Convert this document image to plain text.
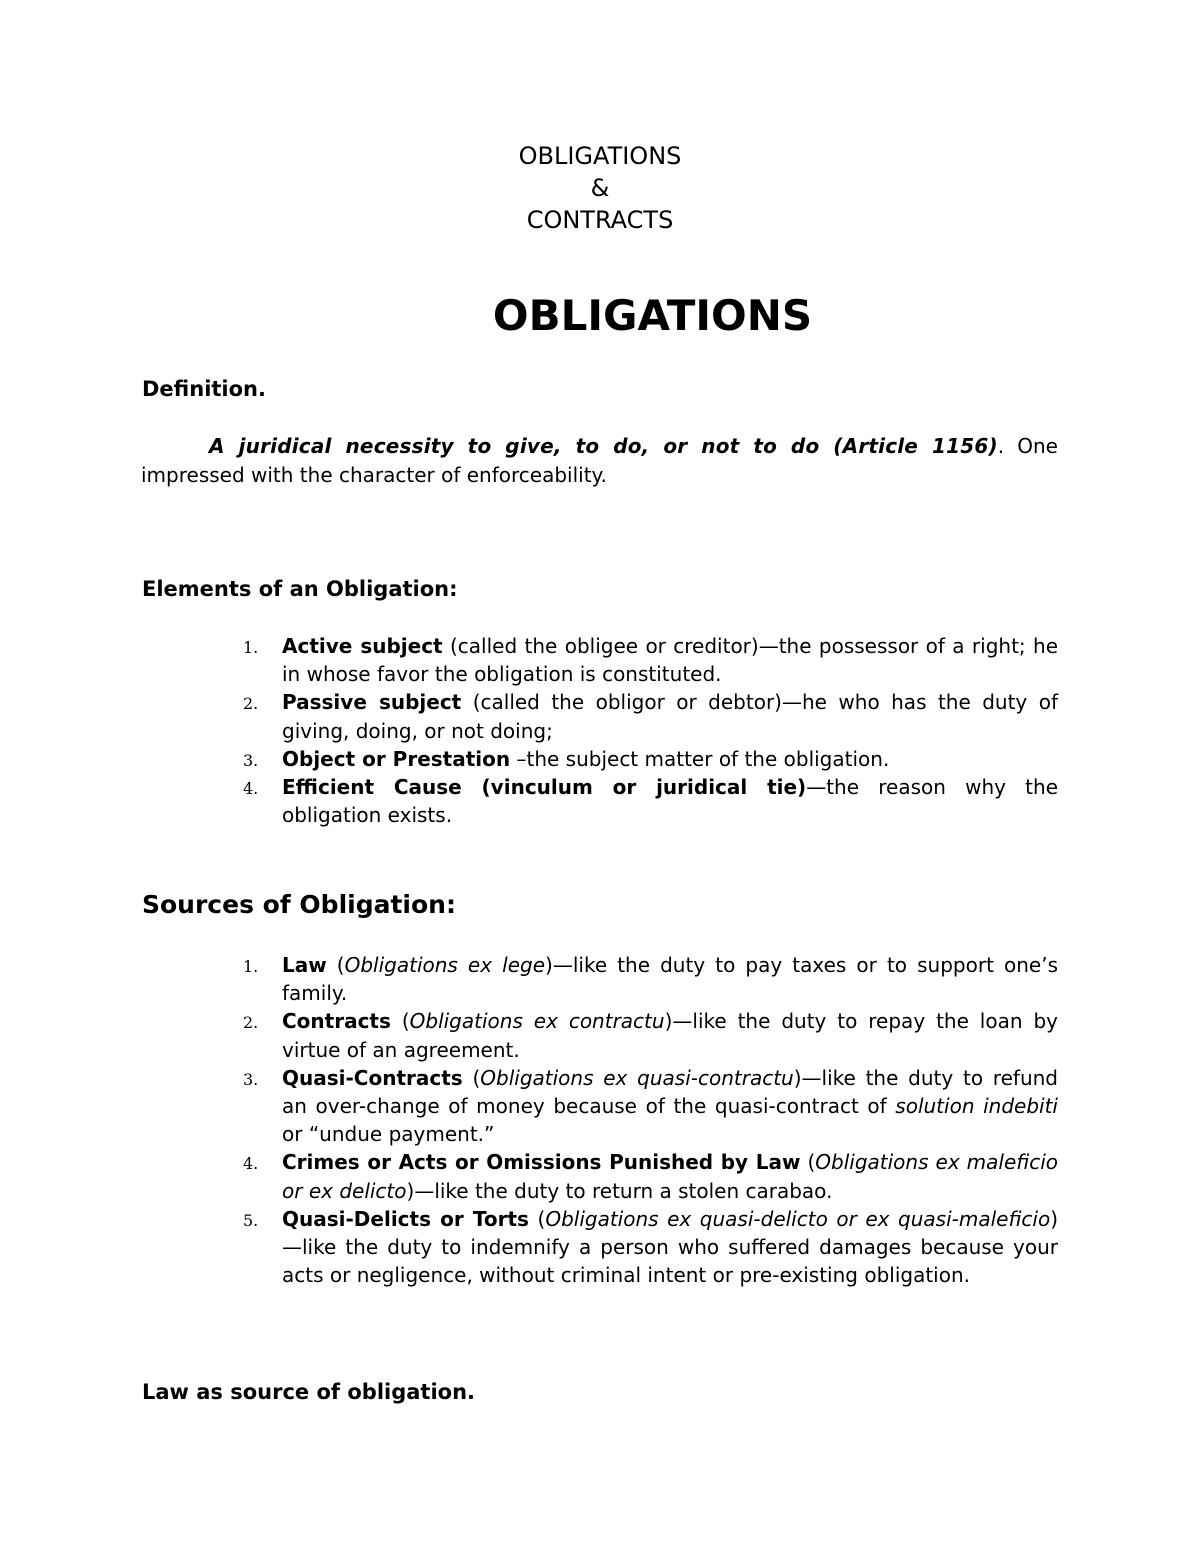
OBLIGATIONS
&
CONTRACTS
OBLIGATIONS
Definition.
A juridical necessity to give, to do, or not to do (Article 1156). One impressed with the character of enforceability.
Elements of an Obligation:
1. Active subject (called the obligee or creditor)—the possessor of a right; he in whose favor the obligation is constituted.
2. Passive subject (called the obligor or debtor)—he who has the duty of giving, doing, or not doing;
3. Object or Prestation –the subject matter of the obligation.
4. Efficient Cause (vinculum or juridical tie)—the reason why the obligation exists.
Sources of Obligation:
1. Law (Obligations ex lege)—like the duty to pay taxes or to support one’s family.
2. Contracts (Obligations ex contractu)—like the duty to repay the loan by virtue of an agreement.
3. Quasi-Contracts (Obligations ex quasi-contractu)—like the duty to refund an over-change of money because of the quasi-contract of solution indebiti or “undue payment.”
4. Crimes or Acts or Omissions Punished by Law (Obligations ex maleficio or ex delicto)—like the duty to return a stolen carabao.
5. Quasi-Delicts or Torts (Obligations ex quasi-delicto or ex quasi-maleficio)—like the duty to indemnify a person who suffered damages because your acts or negligence, without criminal intent or pre-existing obligation.
Law as source of obligation.
